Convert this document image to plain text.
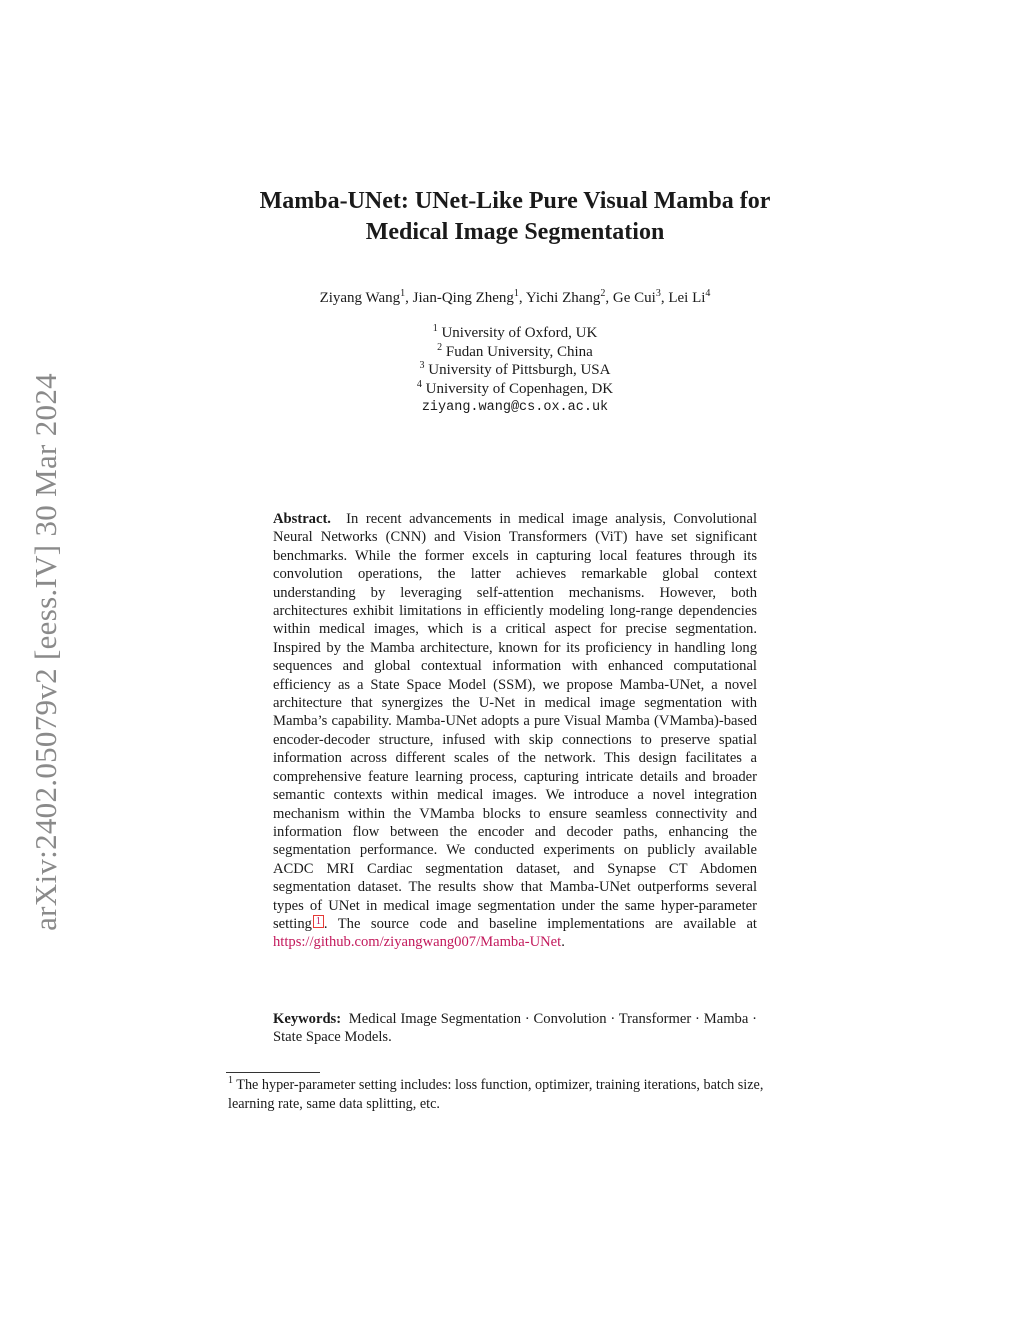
arXiv:2402.05079v2 [eess.IV] 30 Mar 2024
Mamba-UNet: UNet-Like Pure Visual Mamba for
Medical Image Segmentation
Ziyang Wang$^1$, Jian-Qing Zheng$^1$, Yichi Zhang$^2$, Ge Cui$^3$, Lei Li$^4$
$^1$ University of Oxford, UK
$^2$ Fudan University, China
$^3$ University of Pittsburgh, USA
$^4$ University of Copenhagen, DK
ziyang.wang@cs.ox.ac.uk

Abstract. In recent advancements in medical image analysis, Convolutional Neural Networks (CNN) and Vision Transformers (ViT) have set significant benchmarks. While the former excels in capturing local features through its convolution operations, the latter achieves remarkable global context understanding by leveraging self-attention mechanisms. However, both architectures exhibit limitations in efficiently modeling long-range dependencies within medical images, which is a critical aspect for precise segmentation. Inspired by the Mamba architecture, known for its proficiency in handling long sequences and global contextual information with enhanced computational efficiency as a State Space Model (SSM), we propose Mamba-UNet, a novel architecture that synergizes the U-Net in medical image segmentation with Mamba’s capability. Mamba-UNet adopts a pure Visual Mamba (VMamba)-based encoder-decoder structure, infused with skip connections to preserve spatial information across different scales of the network. This design facilitates a comprehensive feature learning process, capturing intricate details and broader semantic contexts within medical images. We introduce a novel integration mechanism within the VMamba blocks to ensure seamless connectivity and information flow between the encoder and decoder paths, enhancing the segmentation performance. We conducted experiments on publicly available ACDC MRI Cardiac segmentation dataset, and Synapse CT Abdomen segmentation dataset. The results show that Mamba-UNet outperforms several types of UNet in medical image segmentation under the same hyper-parameter setting 1 . The source code and baseline implementations are available at https://github.com/ziyangwang007/Mamba-UNet.

Keywords: Medical Image Segmentation · Convolution · Transformer · Mamba · State Space Models.

$^1$ The hyper-parameter setting includes: loss function, optimizer, training iterations, batch size, learning rate, same data splitting, etc.
